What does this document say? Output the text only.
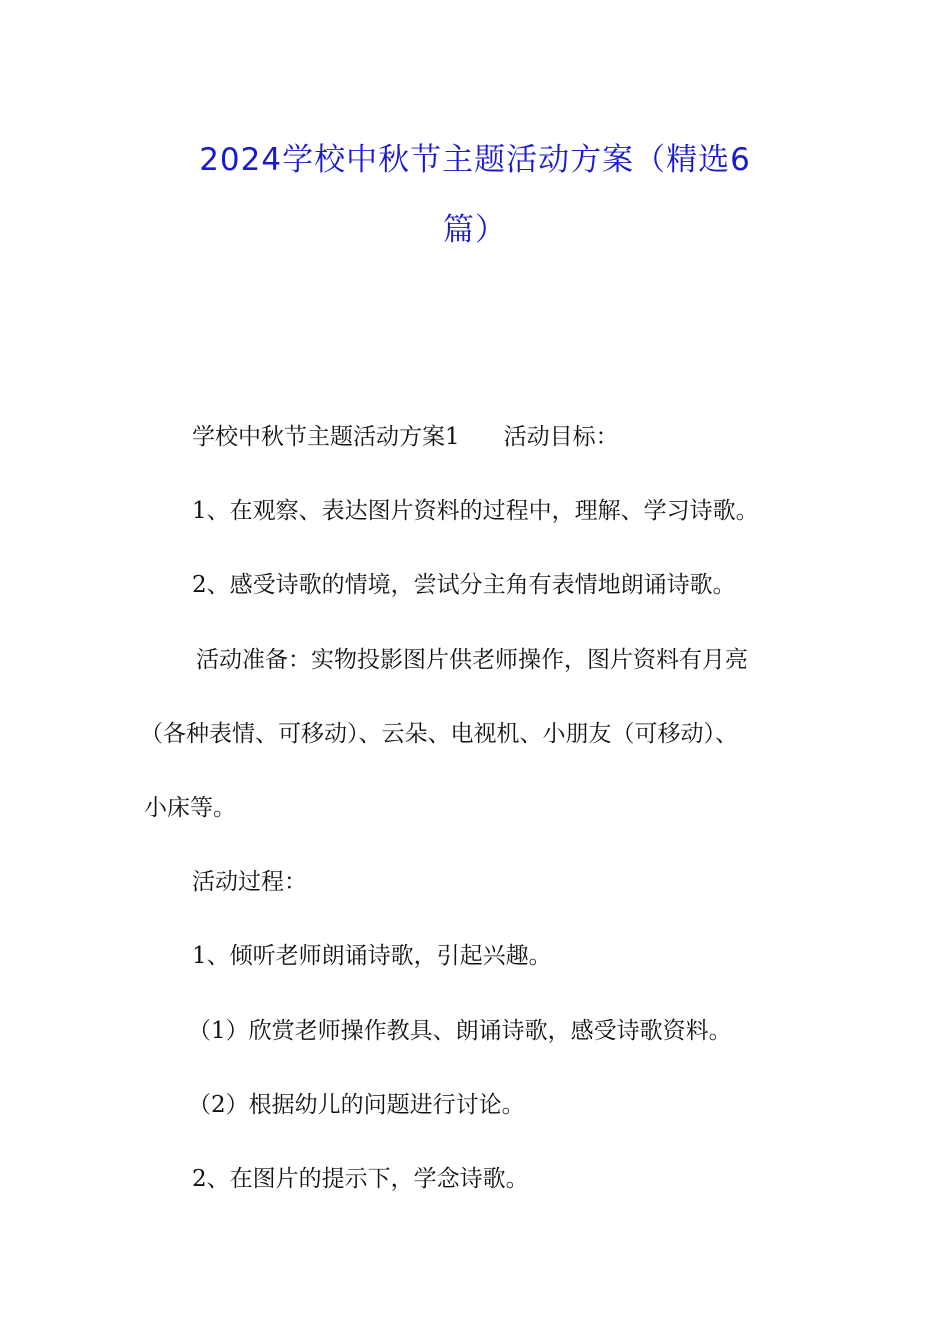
2024学校中秋节主题活动方案（精选6
篇）
学校中秋节主题活动方案1 活动目标：
1、在观察、表达图片资料的过程中，理解、学习诗歌。
2、感受诗歌的情境，尝试分主角有表情地朗诵诗歌。
活动准备：实物投影图片供老师操作，图片资料有月亮
（各种表情、可移动）、云朵、电视机、小朋友（可移动）、
小床等。
活动过程：
1、倾听老师朗诵诗歌，引起兴趣。
（1）欣赏老师操作教具、朗诵诗歌，感受诗歌资料。
（2）根据幼儿的问题进行讨论。
2、在图片的提示下，学念诗歌。
